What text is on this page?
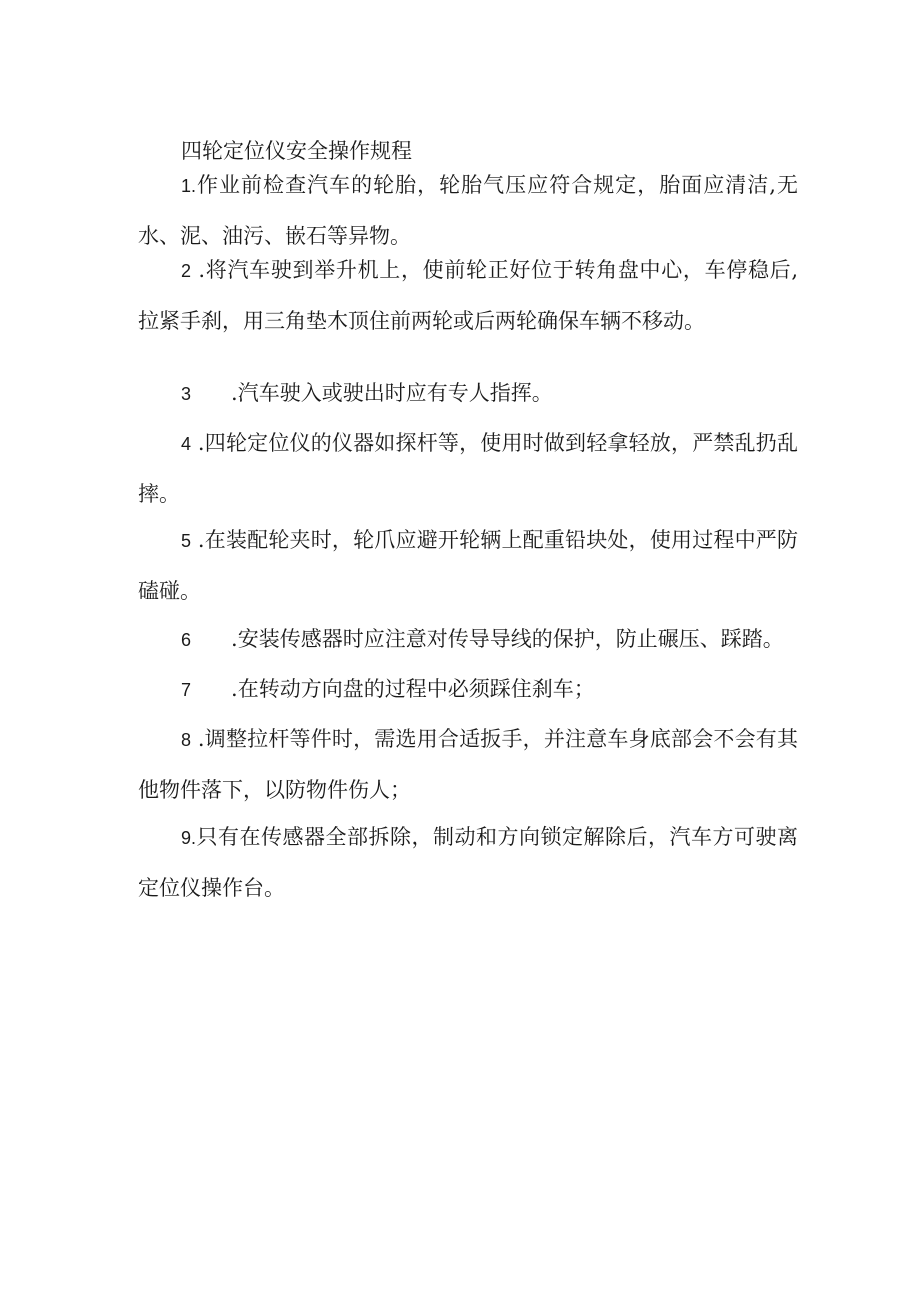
四轮定位仪安全操作规程

1.作业前检查汽车的轮胎，轮胎气压应符合规定，胎面应清洁,无水、泥、油污、嵌石等异物。

2 .将汽车驶到举升机上，使前轮正好位于转角盘中心，车停稳后,拉紧手刹，用三角垫木顶住前两轮或后两轮确保车辆不移动。

3 .汽车驶入或驶出时应有专人指挥。

4 .四轮定位仪的仪器如探杆等，使用时做到轻拿轻放，严禁乱扔乱摔。

5 .在装配轮夹时，轮爪应避开轮辆上配重铅块处，使用过程中严防磕碰。

6 .安装传感器时应注意对传导导线的保护，防止碾压、踩踏。

7 .在转动方向盘的过程中必须踩住刹车；

8 .调整拉杆等件时，需选用合适扳手，并注意车身底部会不会有其他物件落下，以防物件伤人；

9.只有在传感器全部拆除，制动和方向锁定解除后，汽车方可驶离定位仪操作台。
